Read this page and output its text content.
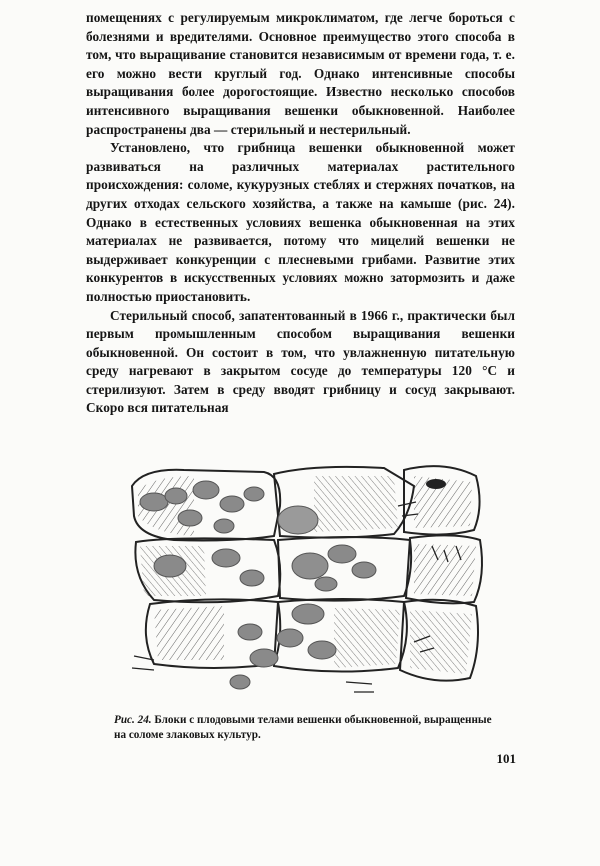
помещениях с регулируемым микроклиматом, где легче бороться с болезнями и вредителями. Основное преимущество этого способа в том, что выращивание становится независимым от времени года, т. е. его можно вести круглый год. Однако интенсивные способы выращивания более дорогостоящие. Известно несколько способов интенсивного выращивания вешенки обыкновенной. Наиболее распространены два — стерильный и нестерильный.

Установлено, что грибница вешенки обыкновенной может развиваться на различных материалах растительного происхождения: соломе, кукурузных стеблях и стержнях початков, на других отходах сельского хозяйства, а также на камыше (рис. 24). Однако в естественных условиях вешенка обыкновенная на этих материалах не развивается, потому что мицелий вешенки не выдерживает конкуренции с плесневыми грибами. Развитие этих конкурентов в искусственных условиях можно затормозить и даже полностью приостановить.

Стерильный способ, запатентованный в 1966 г., практически был первым промышленным способом выращивания вешенки обыкновенной. Он состоит в том, что увлажненную питательную среду нагревают в закрытом сосуде до температуры 120 °С и стерилизуют. Затем в среду вводят грибницу и сосуд закрывают. Скоро вся питательная

Рис. 24. Блоки с плодовыми телами вешенки обыкновенной, выращенные на соломе злаковых культур.
101
